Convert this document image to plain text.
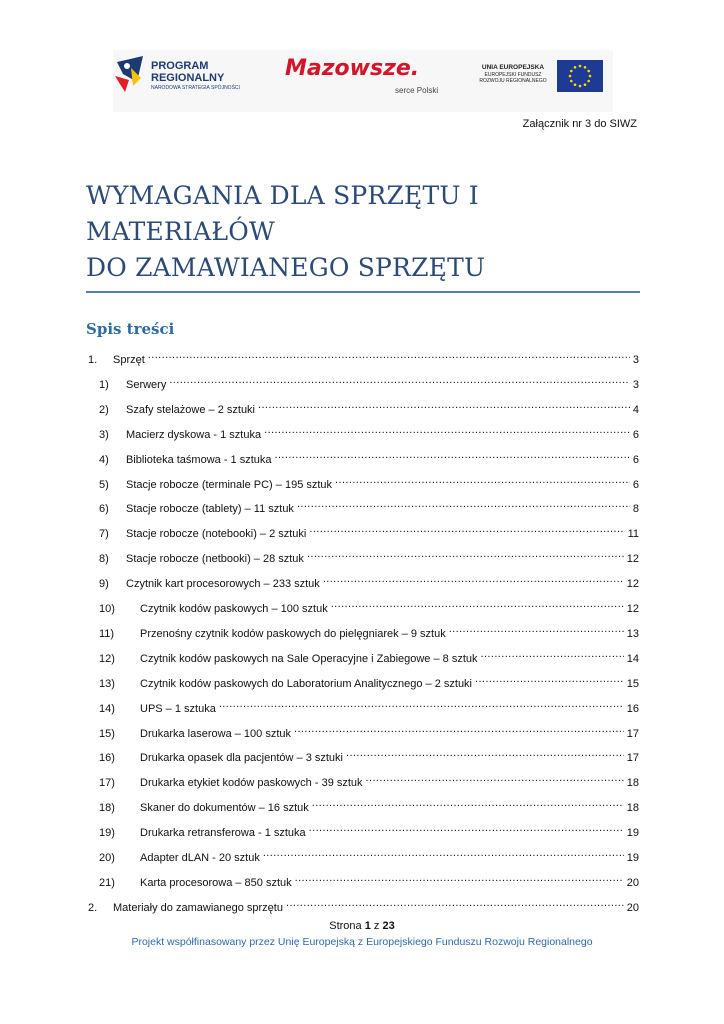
PROGRAM
REGIONALNY
NARODOWA STRATEGIA SPÓJNOŚCI
Mazowsze.
serce Polski
UNIA EUROPEJSKA
EUROPEJSKI FUNDUSZ
ROZWOJU REGIONALNEGO
Załącznik nr 3 do SIWZ
WYMAGANIA DLA SPRZĘTU I
MATERIAŁÓW
DO ZAMAWIANEGO SPRZĘTU
Spis treści
1.	Sprzęt .....	3
1)	Serwery .....	3
2)	Szafy stelażowe – 2 sztuki .....	4
3)	Macierz dyskowa - 1 sztuka .....	6
4)	Biblioteka taśmowa - 1 sztuka .....	6
5)	Stacje robocze (terminale PC) – 195 sztuk .....	6
6)	Stacje robocze (tablety) – 11 sztuk .....	8
7)	Stacje robocze (notebooki) – 2 sztuki .....	11
8)	Stacje robocze (netbooki) – 28 sztuk .....	12
9)	Czytnik kart procesorowych – 233 sztuk .....	12
10)	Czytnik kodów paskowych – 100 sztuk .....	12
11)	Przenośny czytnik kodów paskowych do pielęgniarek – 9 sztuk .....	13
12)	Czytnik kodów paskowych na Sale Operacyjne i Zabiegowe – 8 sztuk .....	14
13)	Czytnik kodów paskowych do Laboratorium Analitycznego – 2 sztuki .....	15
14)	UPS – 1 sztuka .....	16
15)	Drukarka laserowa – 100 sztuk .....	17
16)	Drukarka opasek dla pacjentów – 3 sztuki .....	17
17)	Drukarka etykiet kodów paskowych - 39 sztuk .....	18
18)	Skaner do dokumentów – 16 sztuk .....	18
19)	Drukarka retransferowa - 1 sztuka .....	19
20)	Adapter dLAN - 20 sztuk .....	19
21)	Karta procesorowa – 850 sztuk .....	20
2.	Materiały do zamawianego sprzętu .....	20
Strona 1 z 23
Projekt współfinasowany przez Unię Europejską z Europejskiego Funduszu Rozwoju Regionalnego
